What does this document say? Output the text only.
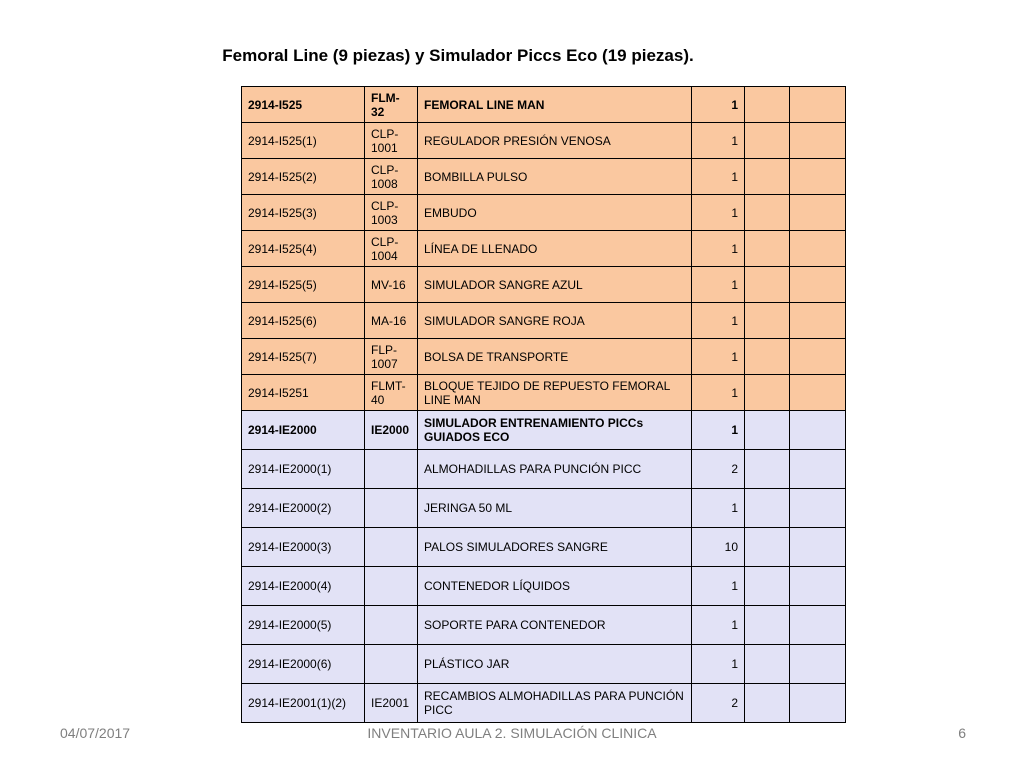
Femoral Line (9 piezas) y Simulador Piccs Eco (19 piezas).
2914-I525	FLM-32	FEMORAL LINE MAN	1		
2914-I525(1)	CLP-1001	REGULADOR PRESIÓN VENOSA	1		
2914-I525(2)	CLP-1008	BOMBILLA PULSO	1		
2914-I525(3)	CLP-1003	EMBUDO	1		
2914-I525(4)	CLP-1004	LÍNEA DE LLENADO	1		
2914-I525(5)	MV-16	SIMULADOR SANGRE AZUL	1		
2914-I525(6)	MA-16	SIMULADOR SANGRE ROJA	1		
2914-I525(7)	FLP-1007	BOLSA DE TRANSPORTE	1		
2914-I5251	FLMT-40	BLOQUE TEJIDO DE REPUESTO FEMORAL LINE MAN	1		
2914-IE2000	IE2000	SIMULADOR ENTRENAMIENTO PICCs GUIADOS ECO	1		
2914-IE2000(1)		ALMOHADILLAS PARA PUNCIÓN PICC	2		
2914-IE2000(2)		JERINGA 50 ML	1		
2914-IE2000(3)		PALOS SIMULADORES SANGRE	10		
2914-IE2000(4)		CONTENEDOR LÍQUIDOS	1		
2914-IE2000(5)		SOPORTE PARA CONTENEDOR	1		
2914-IE2000(6)		PLÁSTICO JAR	1		
2914-IE2001(1)(2)	IE2001	RECAMBIOS ALMOHADILLAS PARA PUNCIÓN PICC	2		
04/07/2017	INVENTARIO AULA 2. SIMULACIÓN CLINICA	6
